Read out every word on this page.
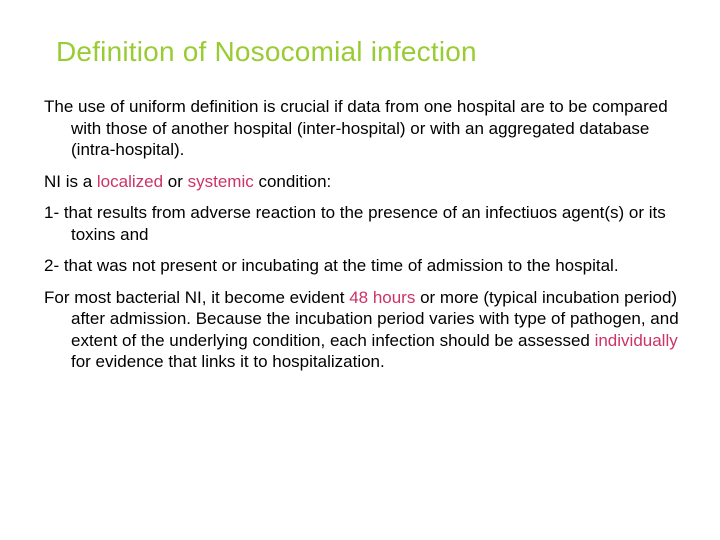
Definition of Nosocomial infection

The use of uniform definition is crucial if data from one hospital are to be compared with those of another hospital (inter-hospital) or with an aggregated database (intra-hospital).

NI is a localized or systemic condition:

1- that results from adverse reaction to the presence of an infectiuos agent(s) or its toxins and

2- that was not present or incubating at the time of admission to the hospital.

For most bacterial NI, it become evident 48 hours or more (typical incubation period) after admission. Because the incubation period varies with type of pathogen, and extent of the underlying condition, each infection should be assessed individually for evidence that links it to hospitalization.
